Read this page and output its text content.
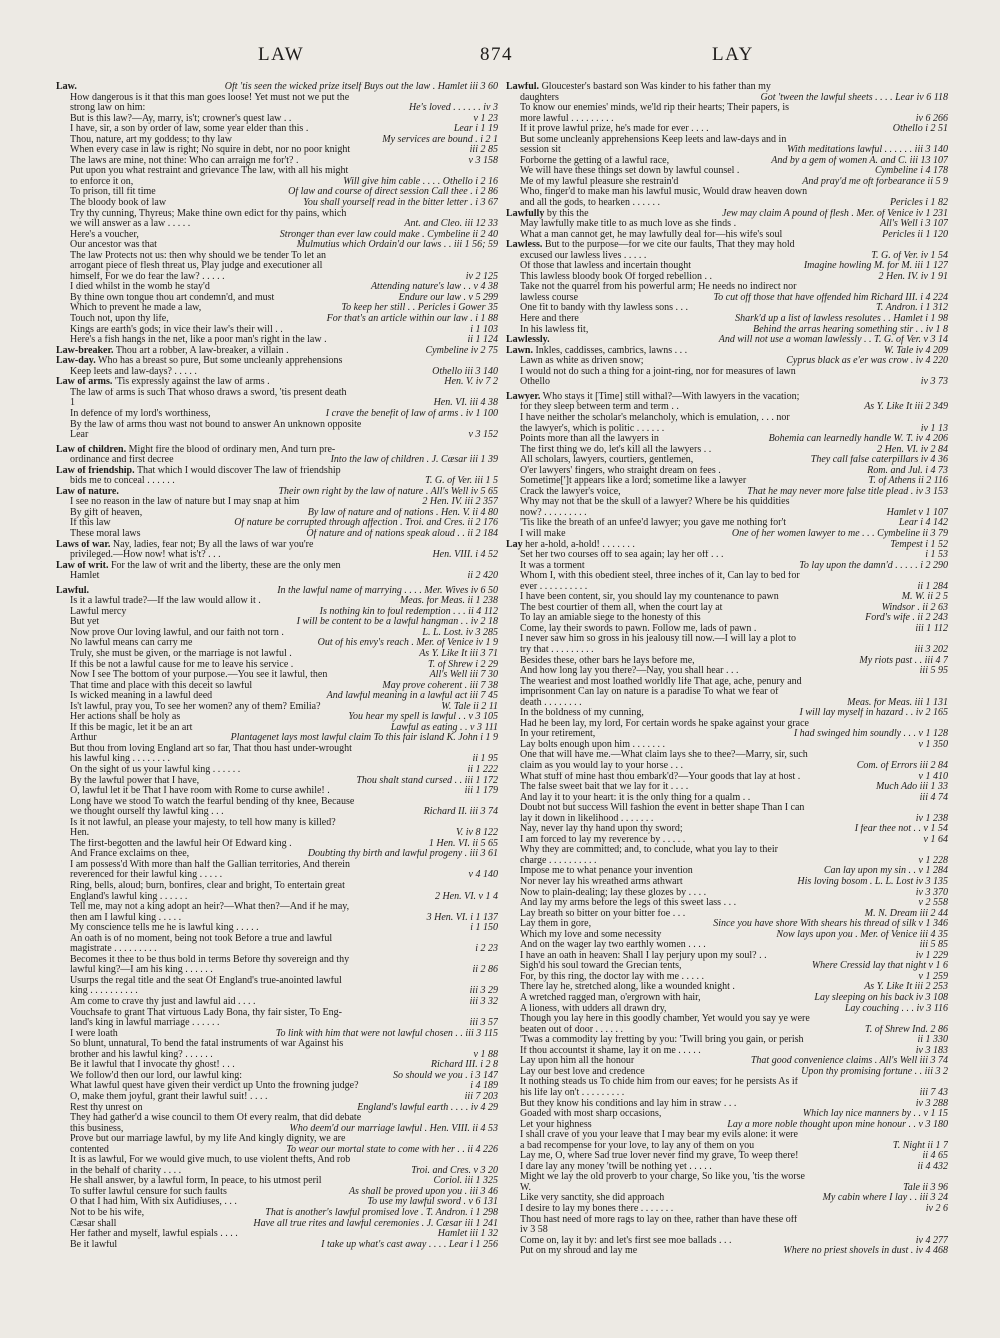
LAW	874	LAY
Law.	Oft 'tis seen the wicked prize itself Buys out the law . Hamlet iii 3 60
How dangerous is it that this man goes loose! Yet must not we put the
strong law on him:	He's loved . . . . . . iv 3
But is this law?—Ay, marry, is't; crowner's quest law . .	v 1 23
I have, sir, a son by order of law, some year elder than this .	Lear i 1 19
Thou, nature, art my goddess; to thy law	My services are bound . i 2 1
When every case in law is right; No squire in debt, nor no poor knight	iii 2 85
The laws are mine, not thine: Who can arraign me for't? .	v 3 158
Put upon you what restraint and grievance The law, with all his might
to enforce it on,	Will give him cable . . . . Othello i 2 16
To prison, till fit time	Of law and course of direct session Call thee . i 2 86
The bloody book of law	You shall yourself read in the bitter letter . i 3 67
Try thy cunning, Thyreus; Make thine own edict for thy pains, which
we will answer as a law . . . . .	Ant. and Cleo. iii 12 33
Here's a voucher,	Stronger than ever law could make . Cymbeline ii 2 40
Our ancestor was that	Mulmutius which Ordain'd our laws . . iii 1 56; 59
The law Protects not us: then why should we be tender To let an
arrogant piece of flesh threat us, Play judge and executioner all
himself, For we do fear the law? . . . . .	iv 2 125
I died whilst in the womb he stay'd	Attending nature's law . . v 4 38
By thine own tongue thou art condemn'd, and must	Endure our law . v 5 299
Which to prevent he made a law,	To keep her still . . Pericles i Gower 35
Touch not, upon thy life,	For that's an article within our law . i 1 88
Kings are earth's gods; in vice their law's their will . .	i 1 103
Here's a fish hangs in the net, like a poor man's right in the law .	ii 1 124
Law-breaker. Thou art a robber, A law-breaker, a villain .	Cymbeline iv 2 75
Law-day. Who has a breast so pure, But some uncleanly apprehensions
Keep leets and law-days? . . . . .	Othello iii 3 140
Law of arms. 'Tis expressly against the law of arms .	Hen. V. iv 7 2
The law of arms is such That whoso draws a sword, 'tis present death
1	Hen. VI. iii 4 38
In defence of my lord's worthiness,	I crave the benefit of law of arms . iv 1 100
By the law of arms thou wast not bound to answer An unknown opposite
Lear	v 3 152
Law of children. Might fire the blood of ordinary men, And turn pre-
ordinance and first decree	Into the law of children . J. Cæsar iii 1 39
Law of friendship. That which I would discover The law of friendship
bids me to conceal . . . . . .	T. G. of Ver. iii 1 5
Law of nature.	Their own right by the law of nature . All's Well iv 5 65
I see no reason in the law of nature but I may snap at him	2 Hen. IV. iii 2 357
By gift of heaven,	By law of nature and of nations . Hen. V. ii 4 80
If this law	Of nature be corrupted through affection . Troi. and Cres. ii 2 176
These moral laws	Of nature and of nations speak aloud . . ii 2 184
Laws of war. Nay, ladies, fear not; By all the laws of war you're
privileged.—How now! what is't? . . .	Hen. VIII. i 4 52
Law of writ. For the law of writ and the liberty, these are the only men
Hamlet	ii 2 420
Lawful.	In the lawful name of marrying . . . . Mer. Wives iv 6 50
Is it a lawful trade?—If the law would allow it .	Meas. for Meas. ii 1 238
Lawful mercy	Is nothing kin to foul redemption . . . ii 4 112
But yet	I will be content to be a lawful hangman . . iv 2 18
Now prove Our loving lawful, and our faith not torn .	L. L. Lost. iv 3 285
No lawful means can carry me	Out of his envy's reach . Mer. of Venice iv 1 9
Truly, she must be given, or the marriage is not lawful .	As Y. Like It iii 3 71
If this be not a lawful cause for me to leave his service .	T. of Shrew i 2 29
Now I see The bottom of your purpose.—You see it lawful, then	All's Well iii 7 30
That time and place with this deceit so lawful	May prove coherent . iii 7 38
Is wicked meaning in a lawful deed	And lawful meaning in a lawful act iii 7 45
Is't lawful, pray you, To see her women? any of them? Emilia?	W. Tale ii 2 11
Her actions shall be holy as	You hear my spell is lawful . . v 3 105
If this be magic, let it be an art	Lawful as eating . . v 3 111
Arthur	Plantagenet lays most lawful claim To this fair island K. John i 1 9
But thou from loving England art so far, That thou hast under-wrought
his lawful king . . . . . . . .	ii 1 95
On the sight of us your lawful king . . . . . .	ii 1 222
By the lawful power that I have,	Thou shalt stand cursed . . iii 1 172
O, lawful let it be That I have room with Rome to curse awhile! .	iii 1 179
Long have we stood To watch the fearful bending of thy knee, Because
we thought ourself thy lawful king . . .	Richard II. iii 3 74
Is it not lawful, an please your majesty, to tell how many is killed?
Hen.	V. iv 8 122
The first-begotten and the lawful heir Of Edward king .	1 Hen. VI. ii 5 65
And France exclaims on thee,	Doubting thy birth and lawful progeny . iii 3 61
I am possess'd With more than half the Gallian territories, And therein
reverenced for their lawful king . . . . .	v 4 140
Ring, bells, aloud; burn, bonfires, clear and bright, To entertain great
England's lawful king . . . . . .	2 Hen. VI. v 1 4
Tell me, may not a king adopt an heir?—What then?—And if he may,
then am I lawful king . . . . .	3 Hen. VI. i 1 137
My conscience tells me he is lawful king . . . . .	i 1 150
An oath is of no moment, being not took Before a true and lawful
magistrate . . . . . . . . .	i 2 23
Becomes it thee to be thus bold in terms Before thy sovereign and thy
lawful king?—I am his king . . . . . .	ii 2 86
Usurps the regal title and the seat Of England's true-anointed lawful
king . . . . . . . . . .	iii 3 29
Am come to crave thy just and lawful aid . . . .	iii 3 32
Vouchsafe to grant That virtuous Lady Bona, thy fair sister, To Eng-
land's king in lawful marriage . . . . . .	iii 3 57
I were loath	To link with him that were not lawful chosen . . iii 3 115
So blunt, unnatural, To bend the fatal instruments of war Against his
brother and his lawful king? . . . . . .	v 1 88
Be it lawful that I invocate thy ghost! . . .	Richard III. i 2 8
We follow'd then our lord, our lawful king:	So should we you . i 3 147
What lawful quest have given their verdict up Unto the frowning judge?	i 4 189
O, make them joyful, grant their lawful suit! . . . .	iii 7 203
Rest thy unrest on	England's lawful earth . . . . iv 4 29
They had gather'd a wise council to them Of every realm, that did debate
this business,	Who deem'd our marriage lawful . Hen. VIII. ii 4 53
Prove but our marriage lawful, by my life And kingly dignity, we are
contented	To wear our mortal state to come with her . . ii 4 226
It is as lawful, For we would give much, to use violent thefts, And rob
in the behalf of charity . . . .	Troi. and Cres. v 3 20
He shall answer, by a lawful form, In peace, to his utmost peril	Coriol. iii 1 325
To suffer lawful censure for such faults	As shall be proved upon you . iii 3 46
O that I had him, With six Aufidiuses, . . .	To use my lawful sword . v 6 131
Not to be his wife,	That is another's lawful promised love . T. Andron. i 1 298
Cæsar shall	Have all true rites and lawful ceremonies . J. Cæsar iii 1 241
Her father and myself, lawful espials . . . .	Hamlet iii 1 32
Be it lawful	I take up what's cast away . . . . Lear i 1 256
Lawful. Gloucester's bastard son Was kinder to his father than my
daughters	Got 'tween the lawful sheets . . . . Lear iv 6 118
To know our enemies' minds, we'ld rip their hearts; Their papers, is
more lawful . . . . . . . . .	iv 6 266
If it prove lawful prize, he's made for ever . . . .	Othello i 2 51
But some uncleanly apprehensions Keep leets and law-days and in
session sit	With meditations lawful . . . . . . iii 3 140
Forborne the getting of a lawful race,	And by a gem of women A. and C. iii 13 107
We will have these things set down by lawful counsel .	Cymbeline i 4 178
Me of my lawful pleasure she restrain'd	And pray'd me oft forbearance ii 5 9
Who, finger'd to make man his lawful music, Would draw heaven down
and all the gods, to hearken . . . . . .	Pericles i 1 82
Lawfully by this the	Jew may claim A pound of flesh . Mer. of Venice iv 1 231
May lawfully make title to as much love as she finds .	All's Well i 3 107
What a man cannot get, he may lawfully deal for—his wife's soul	Pericles ii 1 120
Lawless. But to the purpose—for we cite our faults, That they may hold
excused our lawless lives . . . . .	T. G. of Ver. iv 1 54
Of those that lawless and incertain thought	Imagine howling M. for M. iii 1 127
This lawless bloody book Of forged rebellion . .	2 Hen. IV. iv 1 91
Take not the quarrel from his powerful arm; He needs no indirect nor
lawless course	To cut off those that have offended him Richard III. i 4 224
One fit to bandy with thy lawless sons . . .	T. Andron. i 1 312
Here and there	Shark'd up a list of lawless resolutes . . Hamlet i 1 98
In his lawless fit,	Behind the arras hearing something stir . . iv 1 8
Lawlessly.	And will not use a woman lawlessly . . T. G. of Ver. v 3 14
Lawn. Inkles, caddisses, cambrics, lawns . . .	W. Tale iv 4 209
Lawn as white as driven snow;	Cyprus black as e'er was crow . iv 4 220
I would not do such a thing for a joint-ring, nor for measures of lawn
Othello	iv 3 73
Lawyer. Who stays it [Time] still withal?—With lawyers in the vacation;
for they sleep between term and term . .	As Y. Like It iii 2 349
I have neither the scholar's melancholy, which is emulation, . . . nor
the lawyer's, which is politic . . . . . .	iv 1 13
Points more than all the lawyers in	Bohemia can learnedly handle W. T. iv 4 206
The first thing we do, let's kill all the lawyers . .	2 Hen. VI. iv 2 84
All scholars, lawyers, courtiers, gentlemen,	They call false caterpillars iv 4 36
O'er lawyers' fingers, who straight dream on fees .	Rom. and Jul. i 4 73
Sometime[']t appears like a lord; sometime like a lawyer	T. of Athens ii 2 116
Crack the lawyer's voice,	That he may never more false title plead . iv 3 153
Why may not that be the skull of a lawyer? Where be his quiddities
now? . . . . . . . . .	Hamlet v 1 107
'Tis like the breath of an unfee'd lawyer; you gave me nothing for't	Lear i 4 142
I will make	One of her women lawyer to me . . . Cymbeline ii 3 79
Lay her a-hold, a-hold! . . . . . . .	Tempest i 1 52
Set her two courses off to sea again; lay her off . . .	i 1 53
It was a torment	To lay upon the damn'd . . . . . i 2 290
Whom I, with this obedient steel, three inches of it, Can lay to bed for
ever . . . . . . . . . .	ii 1 284
I have been content, sir, you should lay my countenance to pawn	M. W. ii 2 5
The best courtier of them all, when the court lay at	Windsor . ii 2 63
To lay an amiable siege to the honesty of this	Ford's wife . ii 2 243
Come, lay their swords to pawn. Follow me, lads of pawn .	iii 1 112
I never saw him so gross in his jealousy till now.—I will lay a plot to
try that . . . . . . . . .	iii 3 202
Besides these, other bars he lays before me,	My riots past . . iii 4 7
And how long lay you there?—Nay, you shall hear . . .	iii 5 95
The weariest and most loathed worldly life That age, ache, penury and
imprisonment Can lay on nature is a paradise To what we fear of
death . . . . . . . .	Meas. for Meas. iii 1 131
In the boldness of my cunning,	I will lay myself in hazard . . iv 2 165
Had he been lay, my lord, For certain words he spake against your grace
In your retirement,	I had swinged him soundly . . . v 1 128
Lay bolts enough upon him . . . . . . .	v 1 350
One that will have me.—What claim lays she to thee?—Marry, sir, such
claim as you would lay to your horse . . .	Com. of Errors iii 2 84
What stuff of mine hast thou embark'd?—Your goods that lay at host .	v 1 410
The false sweet bait that we lay for it . . . .	Much Ado iii 1 33
And lay it to your heart: it is the only thing for a qualm . .	iii 4 74
Doubt not but success Will fashion the event in better shape Than I can
lay it down in likelihood . . . . . . .	iv 1 238
Nay, never lay thy hand upon thy sword;	I fear thee not . . v 1 54
I am forced to lay my reverence by . . . . .	v 1 64
Why they are committed; and, to conclude, what you lay to their
charge . . . . . . . . . .	v 1 228
Impose me to what penance your invention	Can lay upon my sin . . v 1 284
Nor never lay his wreathed arms athwart	His loving bosom . L. L. Lost iv 3 135
Now to plain-dealing; lay these glozes by . . . .	iv 3 370
And lay my arms before the legs of this sweet lass . . .	v 2 558
Lay breath so bitter on your bitter foe . . .	M. N. Dream iii 2 44
Lay them in gore,	Since you have shore With shears his thread of silk v 1 346
Which my love and some necessity	Now lays upon you . Mer. of Venice iii 4 35
And on the wager lay two earthly women . . . .	iii 5 85
I have an oath in heaven: Shall I lay perjury upon my soul? . .	iv 1 229
Sigh'd his soul toward the Grecian tents,	Where Cressid lay that night v 1 6
For, by this ring, the doctor lay with me . . . . .	v 1 259
There lay he, stretched along, like a wounded knight .	As Y. Like It iii 2 253
A wretched ragged man, o'ergrown with hair,	Lay sleeping on his back iv 3 108
A lioness, with udders all drawn dry,	Lay couching . . . iv 3 116
Though you lay here in this goodly chamber, Yet would you say ye were
beaten out of door . . . . . .	T. of Shrew Ind. 2 86
'Twas a commodity lay fretting by you: 'Twill bring you gain, or perish	ii 1 330
If thou accountst it shame, lay it on me . . . . .	iv 3 183
Lay upon him all the honour	That good convenience claims . All's Well iii 3 74
Lay our best love and credence	Upon thy promising fortune . . iii 3 2
It nothing steads us To chide him from our eaves; for he persists As if
his life lay on't . . . . . . . . .	iii 7 43
But they know his conditions and lay him in straw . . .	iv 3 288
Goaded with most sharp occasions,	Which lay nice manners by . . v 1 15
Let your highness	Lay a more noble thought upon mine honour . . v 3 180
I shall crave of you your leave that I may bear my evils alone: it were
a bad recompense for your love, to lay any of them on you	T. Night ii 1 7
Lay me, O, where Sad true lover never find my grave, To weep there!	ii 4 65
I dare lay any money 'twill be nothing yet . . . . .	ii 4 432
Might we lay the old proverb to your charge, So like you, 'tis the worse
W.	Tale ii 3 96
Like very sanctity, she did approach	My cabin where I lay . . iii 3 24
I desire to lay my bones there . . . . . . .	iv 2 6
Thou hast need of more rags to lay on thee, rather than have these off
iv 3 58
Come on, lay it by: and let's first see moe ballads . . .	iv 4 277
Put on my shroud and lay me	Where no priest shovels in dust . iv 4 468
